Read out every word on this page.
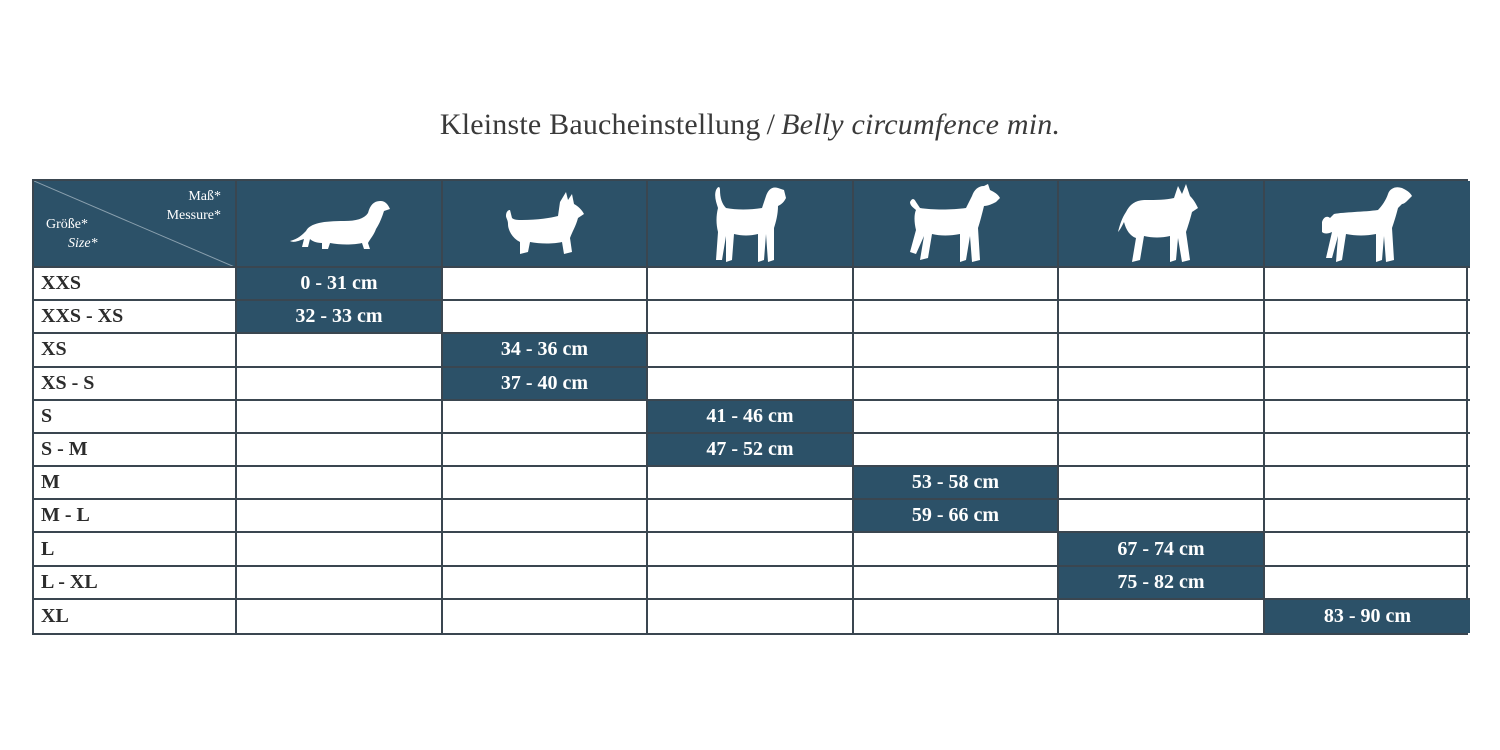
Kleinste Baucheinstellung / Belly circumfence min.
Maß*
Messure*
Größe*
Size*
XXS	0 - 31 cm
XXS - XS	32 - 33 cm
XS	34 - 36 cm
XS - S	37 - 40 cm
S	41 - 46 cm
S - M	47 - 52 cm
M	53 - 58 cm
M - L	59 - 66 cm
L	67 - 74 cm
L - XL	75 - 82 cm
XL	83 - 90 cm
